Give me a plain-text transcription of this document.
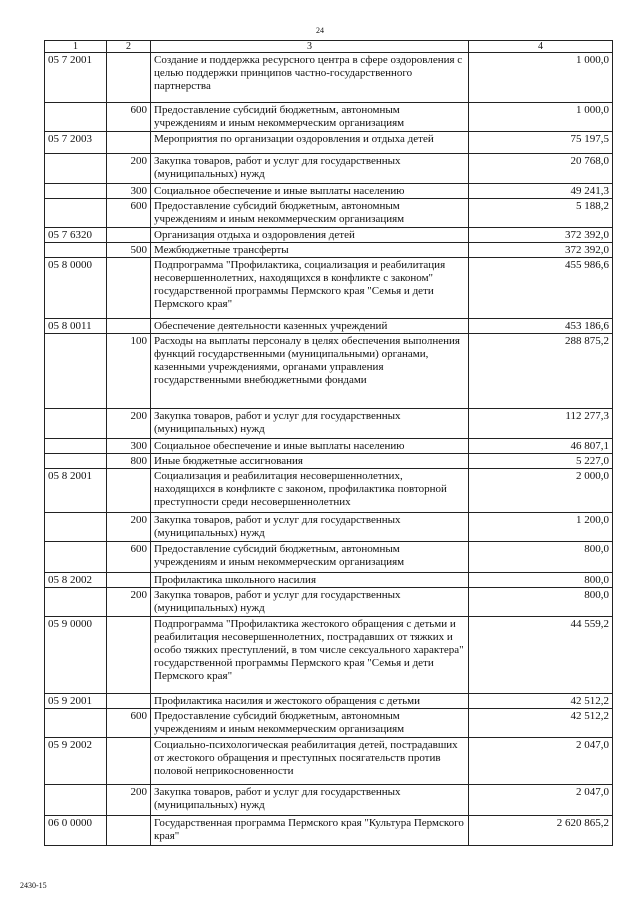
24
1	2	3	4
05 7 2001		Создание и поддержка ресурсного центра в сфере оздоровления с целью поддержки принципов частно-государственного партнерства	1 000,0
	600	Предоставление субсидий бюджетным, автономным учреждениям и иным некоммерческим организациям	1 000,0
05 7 2003		Мероприятия по организации оздоровления и отдыха детей	75 197,5
	200	Закупка товаров, работ и услуг для государственных (муниципальных) нужд	20 768,0
	300	Социальное обеспечение и иные выплаты населению	49 241,3
	600	Предоставление субсидий бюджетным, автономным учреждениям и иным некоммерческим организациям	5 188,2
05 7 6320		Организация отдыха и оздоровления детей	372 392,0
	500	Межбюджетные трансферты	372 392,0
05 8 0000		Подпрограмма "Профилактика, социализация и реабилитация несовершеннолетних, находящихся в конфликте с законом" государственной программы Пермского края "Семья и дети Пермского края"	455 986,6
05 8 0011		Обеспечение деятельности казенных учреждений	453 186,6
	100	Расходы на выплаты персоналу в целях обеспечения выполнения функций государственными (муниципальными) органами, казенными учреждениями, органами управления государственными внебюджетными фондами	288 875,2
	200	Закупка товаров, работ и услуг для государственных (муниципальных) нужд	112 277,3
	300	Социальное обеспечение и иные выплаты населению	46 807,1
	800	Иные бюджетные ассигнования	5 227,0
05 8 2001		Социализация и реабилитация несовершеннолетних, находящихся в конфликте с законом, профилактика повторной преступности среди несовершеннолетних	2 000,0
	200	Закупка товаров, работ и услуг для государственных (муниципальных) нужд	1 200,0
	600	Предоставление субсидий бюджетным, автономным учреждениям и иным некоммерческим организациям	800,0
05 8 2002		Профилактика школьного насилия	800,0
	200	Закупка товаров, работ и услуг для государственных (муниципальных) нужд	800,0
05 9 0000		Подпрограмма "Профилактика жестокого обращения с детьми и реабилитация несовершеннолетних, пострадавших от тяжких и особо тяжких преступлений, в том числе сексуального характера" государственной программы Пермского края "Семья и дети Пермского края"	44 559,2
05 9 2001		Профилактика насилия и жестокого обращения с детьми	42 512,2
	600	Предоставление субсидий бюджетным, автономным учреждениям и иным некоммерческим организациям	42 512,2
05 9 2002		Социально-психологическая реабилитация детей, пострадавших от жестокого обращения и преступных посягательств против половой неприкосновенности	2 047,0
	200	Закупка товаров, работ и услуг для государственных (муниципальных) нужд	2 047,0
06 0 0000		Государственная программа Пермского края "Культура Пермского края"	2 620 865,2
2430-15
